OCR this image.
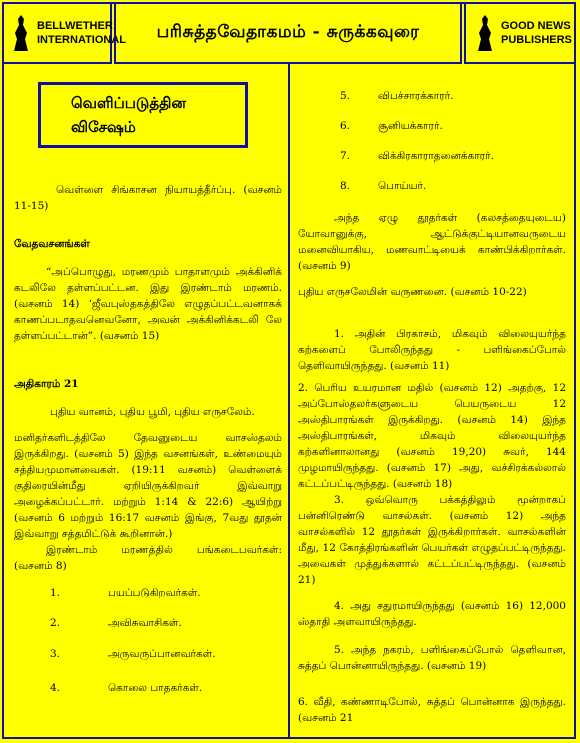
BELLWETHER
INTERNATIONAL	பரிசுத்தவேதாகமம் - சுருக்கவுரை	GOOD NEWS
PUBLISHERS
வெளிப்படுத்தின
விசேஷம்
வெள்ளை சிங்காசன நியாயத்தீர்ப்பு. (வசனம் 11-15)
வேதவசனங்கள்
“அப்பொழுது, மரணமும் பாதாளமும் அக்கினிக் கடலிலே தள்ளப்பட்டன. இது இரண்டாம் மரணம். (வசனம் 14) ‘ஜீவபுஸ்தகத்திலே எழுதப்பட்டவனாகக் காணப்படாதவனெவனோ, அவன் அக்கினிக்கடலி லே தள்ளப்பட்டான்”. (வசனம் 15)
அதிகாரம் 21
புதிய வானம், புதிய பூமி, புதிய எருசலேம்.
மனிதர்களிடத்திலே தேவனுடைய வாசஸ்தலம் இருக்கிறது. (வசனம் 5) இந்த வசனங்கள், உண்மையும் சத்தியமுமானவைகள். (19:11 வசனம்) வெள்ளைக் குதிரையின்மீது ஏறியிருக்கிறவர் இவ்வாறு அழைக்கப்பட்டார். மற்றும் 1:14 & 22:6) ஆயிற்று (வசனம் 6 மற்றும் 16:17 வசனம் இங்கு, 7வது தூதன் இவ்வாறு சத்தமிட்டுக் கூறினான்.)
இரண்டாம் மரணத்தில் பங்கடைபவர்கள்: (வசனம் 8)
1.	பயப்படுகிறவர்கள்.
2.	அவிசுவாசிகள்.
3.	அருவருப்பானவர்கள்.
4.	கொலை பாதகர்கள்.
5.	விபச்சாரக்காரர்.
6.	சூனியக்காரர்.
7.	விக்கிரகாராதனைக்காரர்.
8.	பொய்யர்.
அந்த ஏழு தூதர்கள் (கலசத்தையுடைய) யோவானுக்கு, ஆட்டுக்குட்டியானவருடைய மனைவியாகிய, மணவாட்டியைக் காண்பிக்கிறார்கள். (வசனம் 9)
புதிய எருசலேமின் வருணனை. (வசனம் 10-22)
1. அதின் பிரகாசம், மிகவும் விலையுயர்ந்த கற்களைப் போலிருந்தது - பளிங்கைப்போல் தெளிவாயிருந்தது. (வசனம் 11)
2. பெரிய உயரமான மதில் (வசனம் 12) அதற்கு, 12 அப்போஸ்தலர்களுடைய பெயருடைய 12 அஸ்திபாரங்கள் இருக்கிறது. (வசனம் 14) இந்த அஸ்திபாரங்கள், மிகவும் விலையுயர்ந்த கற்களினாலானது (வசனம் 19,20) சுவர், 144 முழமாயிருந்தது. (வசனம் 17) அது, வச்சிரக்கல்லால் கட்டப்பட்டிருந்தது. (வசனம் 18)
3. ஒவ்வொரு பக்கத்திலும் மூன்றாகப் பன்னிரெண்டு வாசல்கள். (வசனம் 12) அந்த வாசல்களில் 12 தூதர்கள் இருக்கிறார்கள். வாசல்களின் மீது, 12 கோத்திரங்களின் பெயர்கள் எழுதப்பட்டிருந்தது. அவைகள் முத்துக்களால் கட்டப்பட்டிருந்தது. (வசனம் 21)
4. அது சதுரமாயிருந்தது (வசனம் 16) 12,000 ஸ்தாதி அளவாயிருந்தது.
5. அந்த நகரம், பளிங்கைப்போல் தெளிவான, சுத்தப் பொன்னாயிருந்தது. (வசனம் 19)
6. வீதி, கண்ணாடிபோல், சுத்தப் பொன்னாக இருந்தது. (வசனம் 21
